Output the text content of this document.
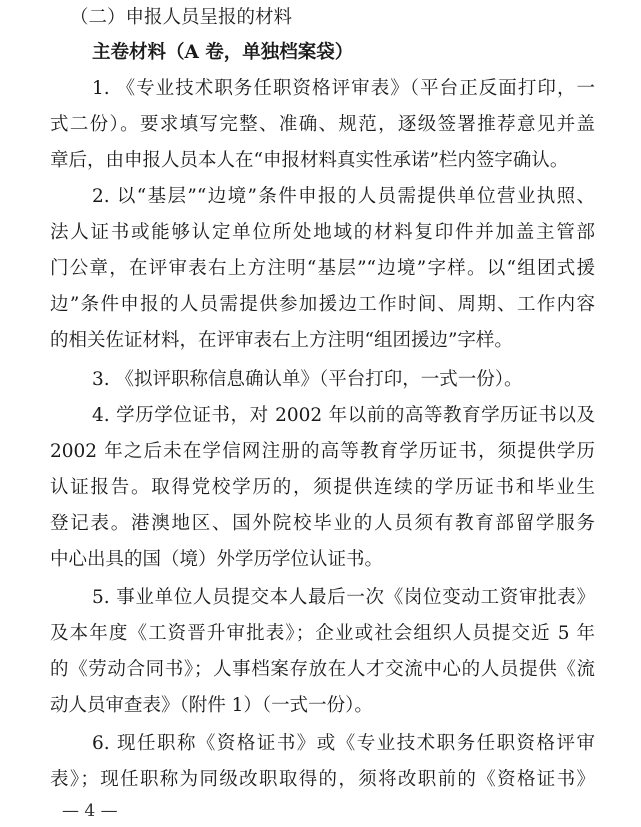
（二）申报人员呈报的材料
主卷材料（A 卷，单独档案袋）
1. 《专业技术职务任职资格评审表》（平台正反面打印，一
式二份）。要求填写完整、准确、规范，逐级签署推荐意见并盖
章后，由申报人员本人在“申报材料真实性承诺”栏内签字确认。
2. 以“基层”“边境”条件申报的人员需提供单位营业执照、
法人证书或能够认定单位所处地域的材料复印件并加盖主管部
门公章，在评审表右上方注明“基层”“边境”字样。以“组团式援
边”条件申报的人员需提供参加援边工作时间、周期、工作内容
的相关佐证材料，在评审表右上方注明“组团援边”字样。
3. 《拟评职称信息确认单》（平台打印，一式一份）。
4. 学历学位证书，对 2002 年以前的高等教育学历证书以及
2002 年之后未在学信网注册的高等教育学历证书，须提供学历
认证报告。取得党校学历的，须提供连续的学历证书和毕业生
登记表。港澳地区、国外院校毕业的人员须有教育部留学服务
中心出具的国（境）外学历学位认证书。
5. 事业单位人员提交本人最后一次《岗位变动工资审批表》
及本年度《工资晋升审批表》；企业或社会组织人员提交近 5 年
的《劳动合同书》；人事档案存放在人才交流中心的人员提供《流
动人员审查表》（附件 1）（一式一份）。
6. 现任职称《资格证书》或《专业技术职务任职资格评审
表》；现任职称为同级改职取得的，须将改职前的《资格证书》
— 4 —
